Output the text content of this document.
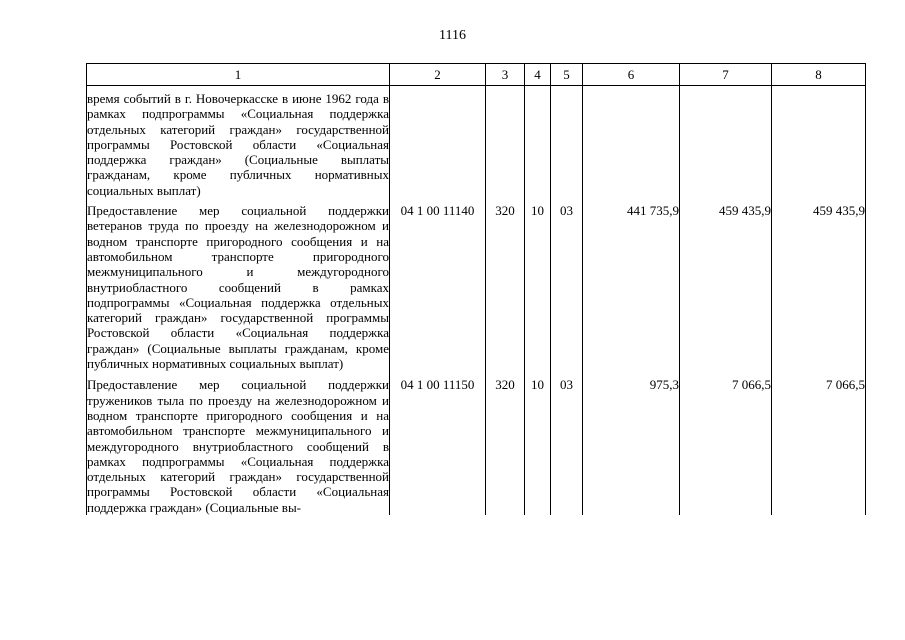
1116
1	2	3	4	5	6	7	8
время событий в г. Новочеркасске в июне 1962 года в рамках подпрограммы «Социальная поддержка отдельных категорий граждан» государственной программы Ростовской области «Социальная поддержка граждан» (Социальные выплаты гражданам, кроме публичных нормативных социальных выплат)							
Предоставление мер социальной поддержки ветеранов труда по проезду на железнодорожном и водном транспорте пригородного сообщения и на автомобильном транспорте пригородного межмуниципального и междугородного внутриобластного сообщений в рамках подпрограммы «Социальная поддержка отдельных категорий граждан» государственной программы Ростовской области «Социальная поддержка граждан» (Социальные выплаты гражданам, кроме публичных нормативных социальных выплат)	04 1 00 11140	320	10	03	441 735,9	459 435,9	459 435,9
Предоставление мер социальной поддержки тружеников тыла по проезду на железнодорожном и водном транспорте пригородного сообщения и на автомобильном транспорте межмуниципального и междугородного внутриобластного сообщений в рамках подпрограммы «Социальная поддержка отдельных категорий граждан» государственной программы Ростовской области «Социальная поддержка граждан» (Социальные вы-	04 1 00 11150	320	10	03	975,3	7 066,5	7 066,5
